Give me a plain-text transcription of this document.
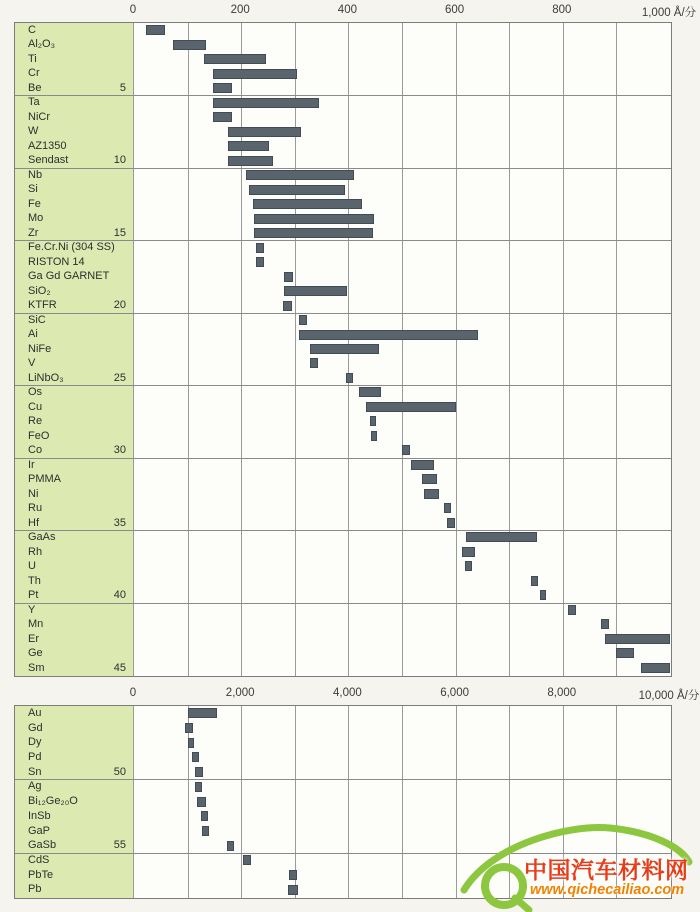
0	200	400	600	800	1,000 Å/分
C
Al₂O₃
Ti
Cr
Be	5
Ta
NiCr
W
AZ1350
Sendast	10
Nb
Si
Fe
Mo
Zr	15
Fe.Cr.Ni (304 SS)
RISTON 14
Ga Gd GARNET
SiO₂
KTFR	20
SiC
Ai
NiFe
V
LiNbO₃	25
Os
Cu
Re
FeO
Co	30
Ir
PMMA
Ni
Ru
Hf	35
GaAs
Rh
U
Th
Pt	40
Y
Mn
Er
Ge
Sm	45
0	2,000	4,000	6,000	8,000	10,000 Å/分
Au
Gd
Dy
Pd
Sn	50
Ag
Bi₁₂Ge₂₀O
InSb
GaP
GaSb	55
CdS
PbTe
Pb
中国汽车材料网
www.qichecailiao.com
